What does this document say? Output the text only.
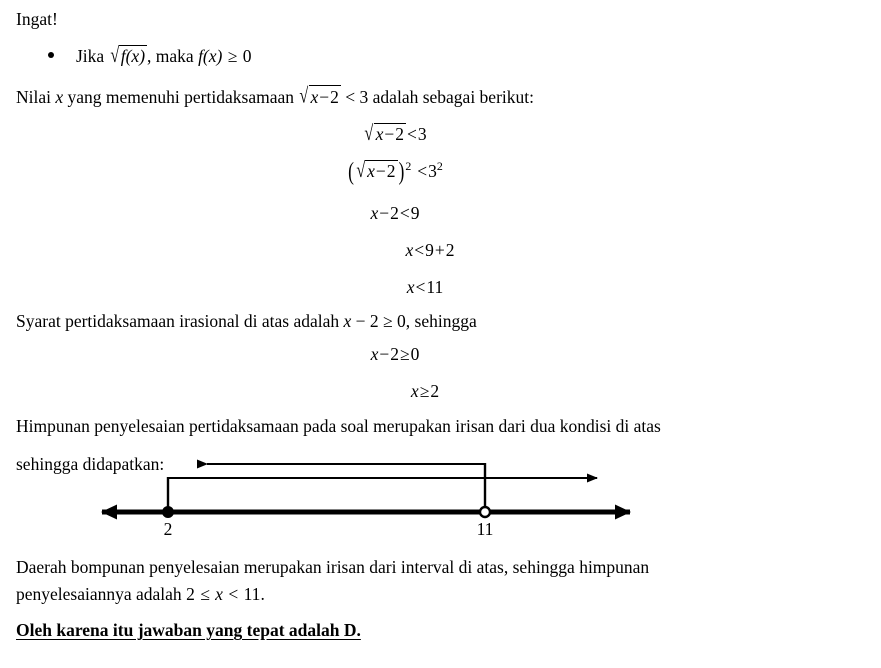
Ingat!
Jika √ f(x) , maka f(x) ≥ 0
Nilai x yang memenuhi pertidaksamaan √ x−2 < 3 adalah sebagai berikut:
√ x−2 <3
( √ x−2 )$^2 <3^2$
x−2<9
x<9+2
x<11
Syarat pertidaksamaan irasional di atas adalah x − 2 ≥ 0, sehingga
x−2≥0
x≥2
Himpunan penyelesaian pertidaksamaan pada soal merupakan irisan dari dua kondisi di atas
sehingga didapatkan:
2	11
Daerah bompunan penyelesaian merupakan irisan dari interval di atas, sehingga himpunan penyelesaiannya adalah 2 ≤ x < 11.
Oleh karena itu jawaban yang tepat adalah D.
